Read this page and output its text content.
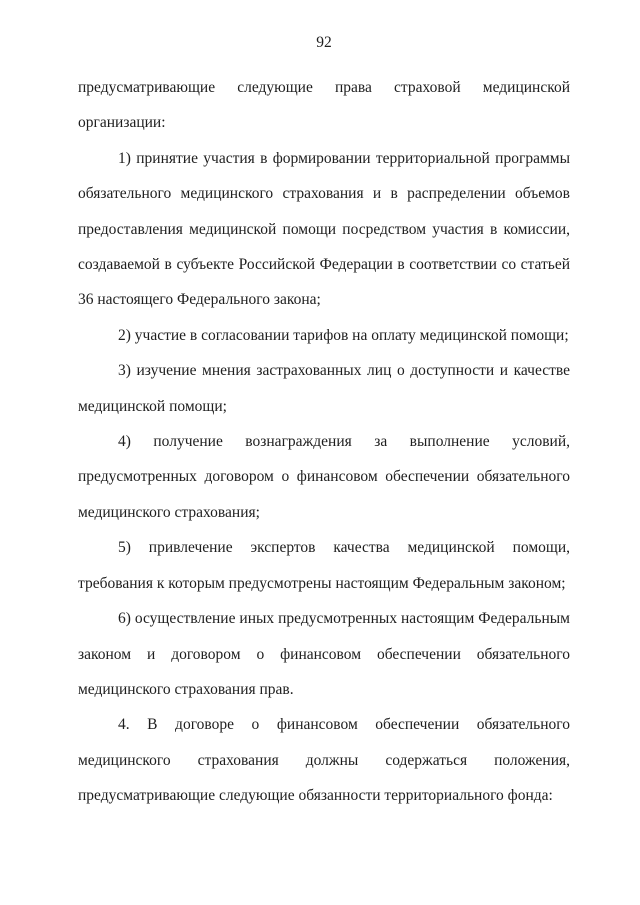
92

предусматривающие следующие права страховой медицинской
организации:

1) принятие участия в формировании территориальной программы
обязательного медицинского страхования и в распределении объемов
предоставления медицинской помощи посредством участия в комиссии,
создаваемой в субъекте Российской Федерации в соответствии со статьей
36 настоящего Федерального закона;

2) участие в согласовании тарифов на оплату медицинской помощи;

3) изучение мнения застрахованных лиц о доступности и качестве
медицинской помощи;

4) получение вознаграждения за выполнение условий,
предусмотренных договором о финансовом обеспечении обязательного
медицинского страхования;

5) привлечение экспертов качества медицинской помощи,
требования к которым предусмотрены настоящим Федеральным законом;

6) осуществление иных предусмотренных настоящим Федеральным
законом и договором о финансовом обеспечении обязательного
медицинского страхования прав.

4. В договоре о финансовом обеспечении обязательного
медицинского страхования должны содержаться положения,
предусматривающие следующие обязанности территориального фонда:
